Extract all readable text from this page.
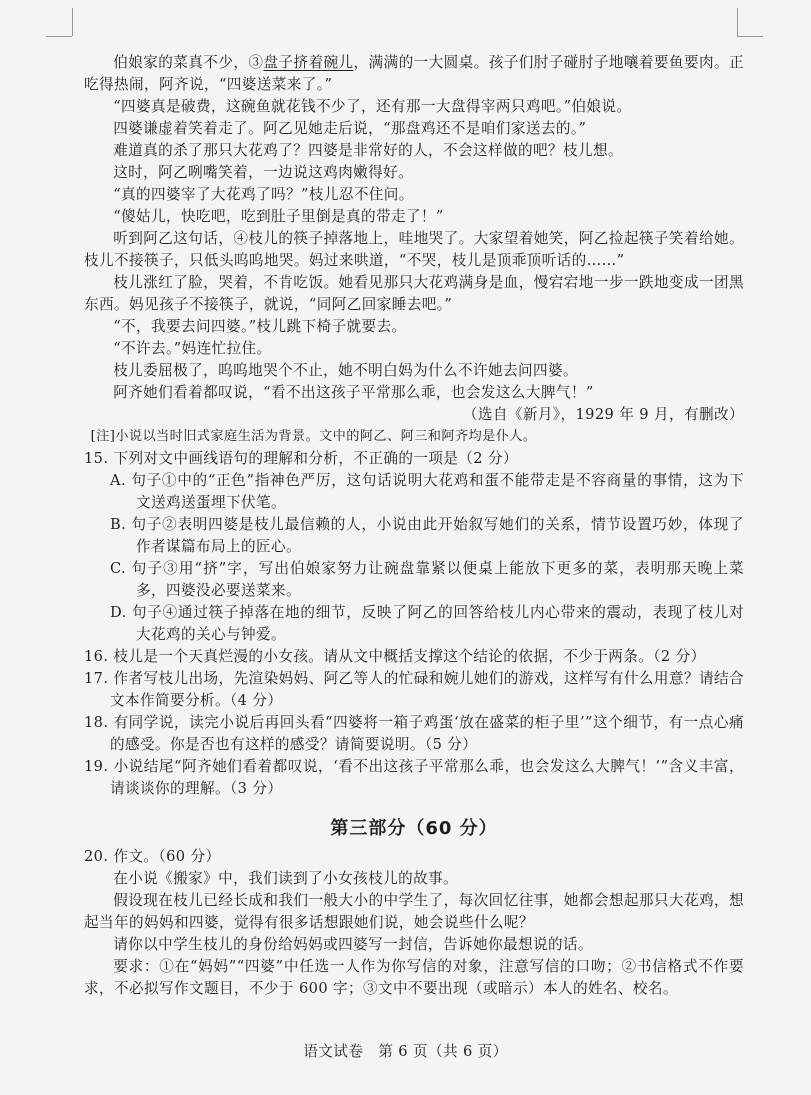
伯娘家的菜真不少，③盘子挤着碗儿，满满的一大圆桌。孩子们肘子碰肘子地嚷着要鱼要肉。正吃得热闹，阿齐说，“四婆送菜来了。”

“四婆真是破费，这碗鱼就花钱不少了，还有那一大盘得宰两只鸡吧。”伯娘说。

四婆谦虚着笑着走了。阿乙见她走后说，“那盘鸡还不是咱们家送去的。”

难道真的杀了那只大花鸡了？四婆是非常好的人，不会这样做的吧？枝儿想。

这时，阿乙咧嘴笑着，一边说这鸡肉嫩得好。

“真的四婆宰了大花鸡了吗？”枝儿忍不住问。

“傻姑儿，快吃吧，吃到肚子里倒是真的带走了！”

听到阿乙这句话，④枝儿的筷子掉落地上，哇地哭了。大家望着她笑，阿乙捡起筷子笑着给她。枝儿不接筷子，只低头呜呜地哭。妈过来哄道，“不哭，枝儿是顶乖顶听话的……”

枝儿涨红了脸，哭着，不肯吃饭。她看见那只大花鸡满身是血，慢宕宕地一步一跌地变成一团黑东西。妈见孩子不接筷子，就说，“同阿乙回家睡去吧。”

“不，我要去问四婆。”枝儿跳下椅子就要去。

“不许去。”妈连忙拉住。

枝儿委屈极了，呜呜地哭个不止，她不明白妈为什么不许她去问四婆。

阿齐她们看着都叹说，“看不出这孩子平常那么乖，也会发这么大脾气！”

（选自《新月》，1929 年 9 月，有删改）

[注]小说以当时旧式家庭生活为背景。文中的阿乙、阿三和阿齐均是仆人。

15. 下列对文中画线语句的理解和分析，不正确的一项是（2 分）

A. 句子①中的“正色”指神色严厉，这句话说明大花鸡和蛋不能带走是不容商量的事情，这为下文送鸡送蛋埋下伏笔。

B. 句子②表明四婆是枝儿最信赖的人，小说由此开始叙写她们的关系，情节设置巧妙，体现了作者谋篇布局上的匠心。

C. 句子③用“挤”字，写出伯娘家努力让碗盘靠紧以便桌上能放下更多的菜，表明那天晚上菜多，四婆没必要送菜来。

D. 句子④通过筷子掉落在地的细节，反映了阿乙的回答给枝儿内心带来的震动，表现了枝儿对大花鸡的关心与钟爱。

16. 枝儿是一个天真烂漫的小女孩。请从文中概括支撑这个结论的依据，不少于两条。（2 分）

17. 作者写枝儿出场，先渲染妈妈、阿乙等人的忙碌和婉儿她们的游戏，这样写有什么用意？请结合文本作简要分析。（4 分）

18. 有同学说，读完小说后再回头看“四婆将一箱子鸡蛋‘放在盛菜的柜子里’”这个细节，有一点心痛的感受。你是否也有这样的感受？请简要说明。（5 分）

19. 小说结尾“阿齐她们看着都叹说，‘看不出这孩子平常那么乖，也会发这么大脾气！’”含义丰富，请谈谈你的理解。（3 分）

第三部分（60 分）

20. 作文。（60 分）

在小说《搬家》中，我们读到了小女孩枝儿的故事。

假设现在枝儿已经长成和我们一般大小的中学生了，每次回忆往事，她都会想起那只大花鸡，想起当年的妈妈和四婆，觉得有很多话想跟她们说，她会说些什么呢？

请你以中学生枝儿的身份给妈妈或四婆写一封信，告诉她你最想说的话。

要求：①在“妈妈”“四婆”中任选一人作为你写信的对象，注意写信的口吻；②书信格式不作要求，不必拟写作文题目，不少于 600 字；③文中不要出现（或暗示）本人的姓名、校名。

语文试卷　第 6 页（共 6 页）
